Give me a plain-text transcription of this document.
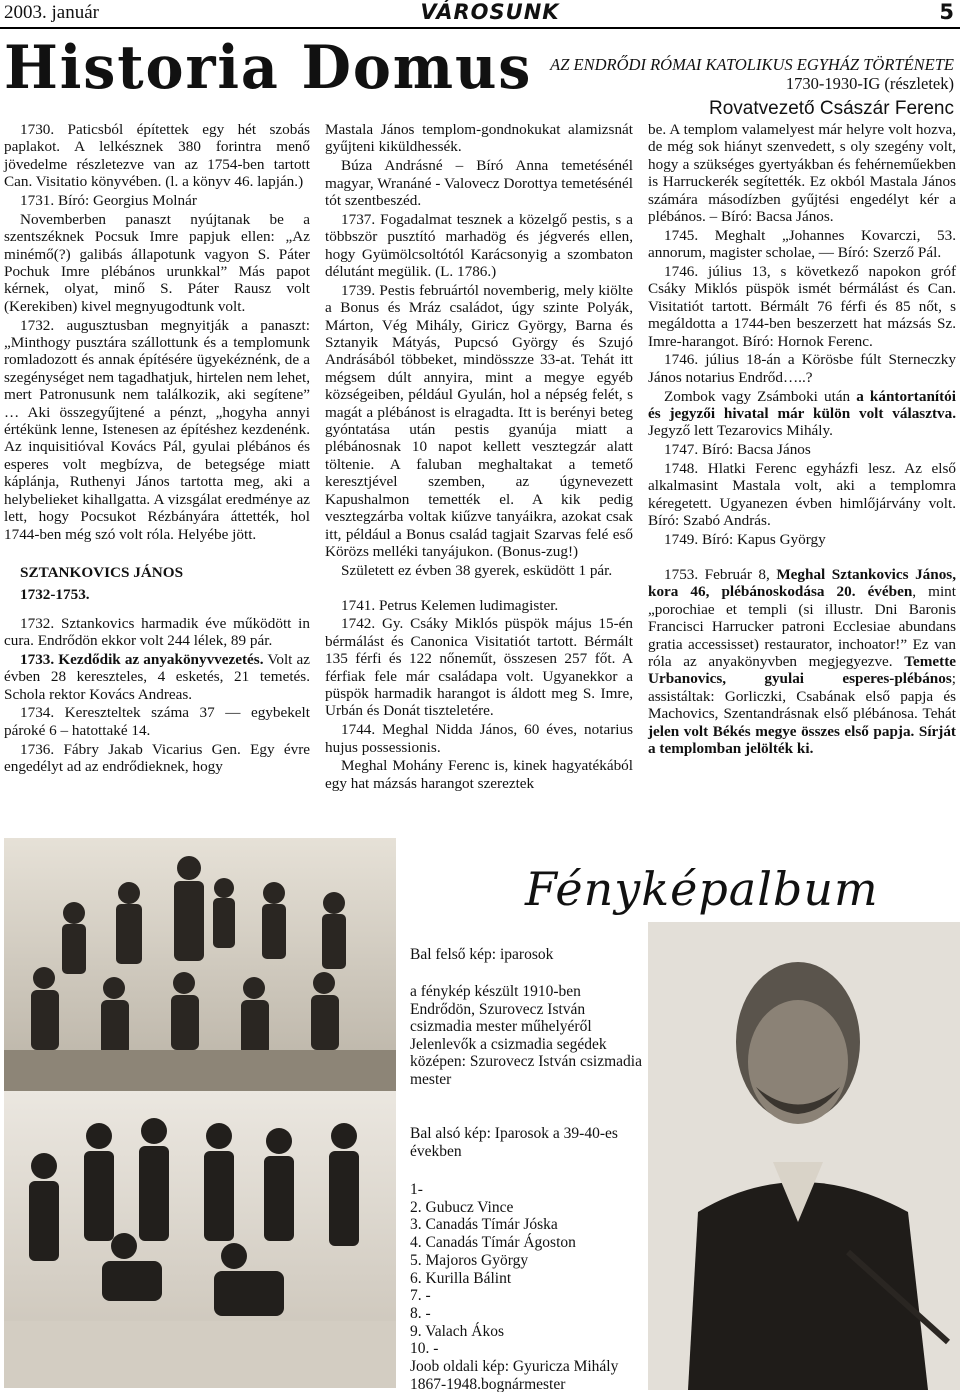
2003. január	VÁROSUNK	5
Historia Domus AZ ENDRŐDI RÓMAI KATOLIKUS EGYHÁZ TÖRTÉNETE
1730-1930-IG (részletek)
Rovatvezető Császár Ferenc

1730. Paticsból építettek egy hét szobás paplakot. A lelkésznek 380 forintra menő jövedelme részletezve van az 1754-ben tartott Can. Visitatio könyvében. (l. a könyv 46. lapján.)

1731. Bíró: Georgius Molnár

Novemberben panaszt nyújtanak be a szentszéknek Pocsuk Imre papjuk ellen: „Az minémő(?) galibás állapotunk vagyon S. Páter Pochuk Imre plébános urunkkal” Más papot kérnek, olyat, minő S. Páter Rausz volt (Kerekiben) kivel megnyugodtunk volt.

1732. augusztusban megnyitják a panaszt: „Minthogy pusztára szállottunk és a templomunk romladozott és annak építésére ügyekéznénk, de a szegénységet nem tagadhatjuk, hirtelen nem lehet, mert Patronusunk nem találkozik, aki segítene” … Aki összegyűjtené a pénzt, „hogyha annyi értékünk lenne, Istenesen az építéshez kezdenénk. Az inquisitióval Kovács Pál, gyulai plébános és esperes volt megbízva, de betegsége miatt káplánja, Ruthenyi János tartotta meg, aki a helybelieket kihallgatta. A vizsgálat eredménye az lett, hogy Pocsukot Rézbányára áttették, hol 1744-ben még szó volt róla. Helyébe jött.

SZTANKOVICS JÁNOS

1732-1753.

1732. Sztankovics harmadik éve működött in cura. Endrődön ekkor volt 244 lélek, 89 pár.

1733. Kezdődik az anyakönyvvezetés. Volt az évben 28 kereszteles, 4 esketés, 21 temetés. Schola rektor Kovács Andreas.

1734. Kereszteltek száma 37 — egybekelt pároké 6 – hatottaké 14.

1736. Fábry Jakab Vicarius Gen. Egy évre engedélyt ad az endrődieknek, hogy

Mastala János templom-gondnokukat alamizsnát gyűjteni kiküldhessék.

Búza Andrásné – Bíró Anna temetésénél magyar, Wranáné - Valovecz Dorottya temetésénél tót szentbeszéd.

1737. Fogadalmat tesznek a közelgő pestis, s a többször pusztító marhadög és jégverés ellen, hogy Gyümölcsoltótól Karácsonyig a szombaton délutánt megülik. (L. 1786.)

1739. Pestis februártól novemberig, mely kiölte a Bonus és Mráz családot, úgy szinte Polyák, Márton, Vég Mihály, Giricz György, Barna és Sztanyik Mátyás, Pupcsó György és Szujó Andrásából többeket, mindösszze 33-at. Tehát itt mégsem dúlt annyira, mint a megye egyéb községeiben, például Gyulán, hol a népség felét, s magát a plébánost is elragadta. Itt is berényi beteg gyóntatása után pestis gyanúja miatt a plébánosnak 10 napot kellett vesztegzár alatt töltenie. A faluban meghaltakat a temető keresztjével szemben, az úgynevezett Kapushalmon temették el. A kik pedig vesztegzárba voltak kiűzve tanyáikra, azokat csak itt, például a Bonus család tagjait Szarvas felé eső Körözs melléki tanyájukon. (Bonus-zug!)

Született ez évben 38 gyerek, esküdött 1 pár.

1741. Petrus Kelemen ludimagister.

1742. Gy. Csáky Miklós püspök május 15-én bérmálást és Canonica Visitatiót tartott. Bérmált 135 férfi és 122 nőneműt, összesen 257 főt. A férfiak fele már családapa volt. Ugyanekkor a püspök harmadik harangot is áldott meg S. Imre, Urbán és Donát tiszteletére.

1744. Meghal Nidda János, 60 éves, notarius hujus possessionis.

Meghal Mohány Ferenc is, kinek hagyatékából egy hat mázsás harangot szereztek

be. A templom valamelyest már helyre volt hozva, de még sok hiányt szenvedett, s oly szegény volt, hogy a szükséges gyertyákban és fehérneműekben is Harruckerék segítették. Ez okból Mastala János számára másodízben gyűjtési engedélyt kér a plébános. – Bíró: Bacsa János.

1745. Meghalt „Johannes Kovarczi, 53. annorum, magister scholae, — Bíró: Szerző Pál.

1746. július 13, s következő napokon gróf Csáky Miklós püspök ismét bérmálást és Can. Visitatiót tartott. Bérmált 76 férfi és 85 nőt, s megáldotta a 1744-ben beszerzett hat mázsás Sz. Imre-harangot. Bíró: Hornok Ferenc.

1746. július 18-án a Körösbe fúlt Sterneczky János notarius Endrőd…..?

Zombok vagy Zsámboki után a kántortanítói és jegyzői hivatal már külön volt választva. Jegyző lett Tezarovics Mihály.

1747. Bíró: Bacsa János

1748. Hlatki Ferenc egyházfi lesz. Az első alkalmasint Mastala volt, aki a templomra kéregetett. Ugyanezen évben himlőjárvány volt. Bíró: Szabó András.

1749. Bíró: Kapus György

1753. Február 8, Meghal Sztankovics János, kora 46, plébánoskodása 20. évében, mint „porochiae et templi (si illustr. Dni Baronis Francisci Harrucker patroni Ecclesiae abundans gratia accessisset) restaurator, inchoator!” Ez van róla az anyakönyvben megjegyezve. Temette Urbanovics, gyulai esperes-plébános; assistáltak: Gorliczki, Csabának első papja és Machovics, Szentandrásnak első plébánosa. Tehát jelen volt Békés megye összes első papja. Sírját a templomban jelölték ki.

Fényképalbum
Bal felső kép: iparosok
a fénykép készült 1910-ben Endrődön, Szurovecz István csizmadia mester műhelyéről Jelenlevők a csizmadia segédek középen: Szurovecz István csizmadia mester
Bal alsó kép: Iparosok a 39-40-es években
1-
2. Gubucz Vince
3. Canadás Tímár Jóska
4. Canadás Tímár Ágoston
5. Majoros György
6. Kurilla Bálint
7. -
8. -
9. Valach Ákos
10. -
Joob oldali kép: Gyuricza Mihály
1867-1948.bognármester
